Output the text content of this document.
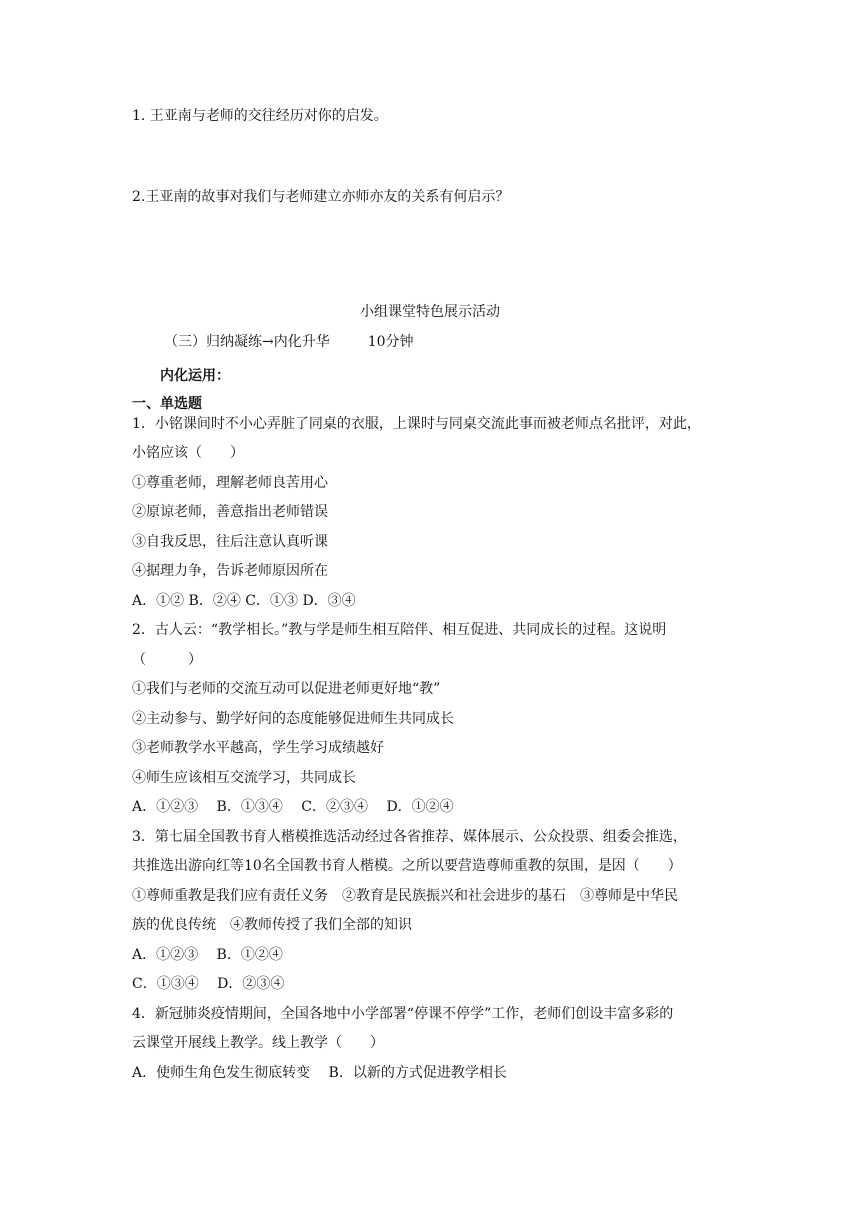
1. 王亚南与老师的交往经历对你的启发。

2.王亚南的故事对我们与老师建立亦师亦友的关系有何启示？

小组课堂特色展示活动

（三）归纳凝练→内化升华	10分钟

内化运用：

一、单选题

1．小铭课间时不小心弄脏了同桌的衣服，上课时与同桌交流此事而被老师点名批评，对此，

小铭应该（　　）

①尊重老师，理解老师良苦用心

②原谅老师，善意指出老师错误

③自我反思，往后注意认真听课

④据理力争，告诉老师原因所在

A．①② B．②④ C．①③ D．③④

2．古人云：“教学相长。”教与学是师生相互陪伴、相互促进、共同成长的过程。这说明

（　　　）

①我们与老师的交流互动可以促进老师更好地“教”

②主动参与、勤学好问的态度能够促进师生共同成长

③老师教学水平越高，学生学习成绩越好

④师生应该相互交流学习，共同成长

A．①②③　 B．①③④　 C．②③④　 D．①②④

3．第七届全国教书育人楷模推选活动经过各省推荐、媒体展示、公众投票、组委会推选，

共推选出游向红等10名全国教书育人楷模。之所以要营造尊师重教的氛围，是因（　　）

①尊师重教是我们应有责任义务　②教育是民族振兴和社会进步的基石　③尊师是中华民

族的优良传统　④教师传授了我们全部的知识

A．①②③　 B．①②④

C．①③④　 D．②③④

4．新冠肺炎疫情期间，全国各地中小学部署“停课不停学”工作，老师们创设丰富多彩的

云课堂开展线上教学。线上教学（　　）

A．使师生角色发生彻底转变　 B．以新的方式促进教学相长
